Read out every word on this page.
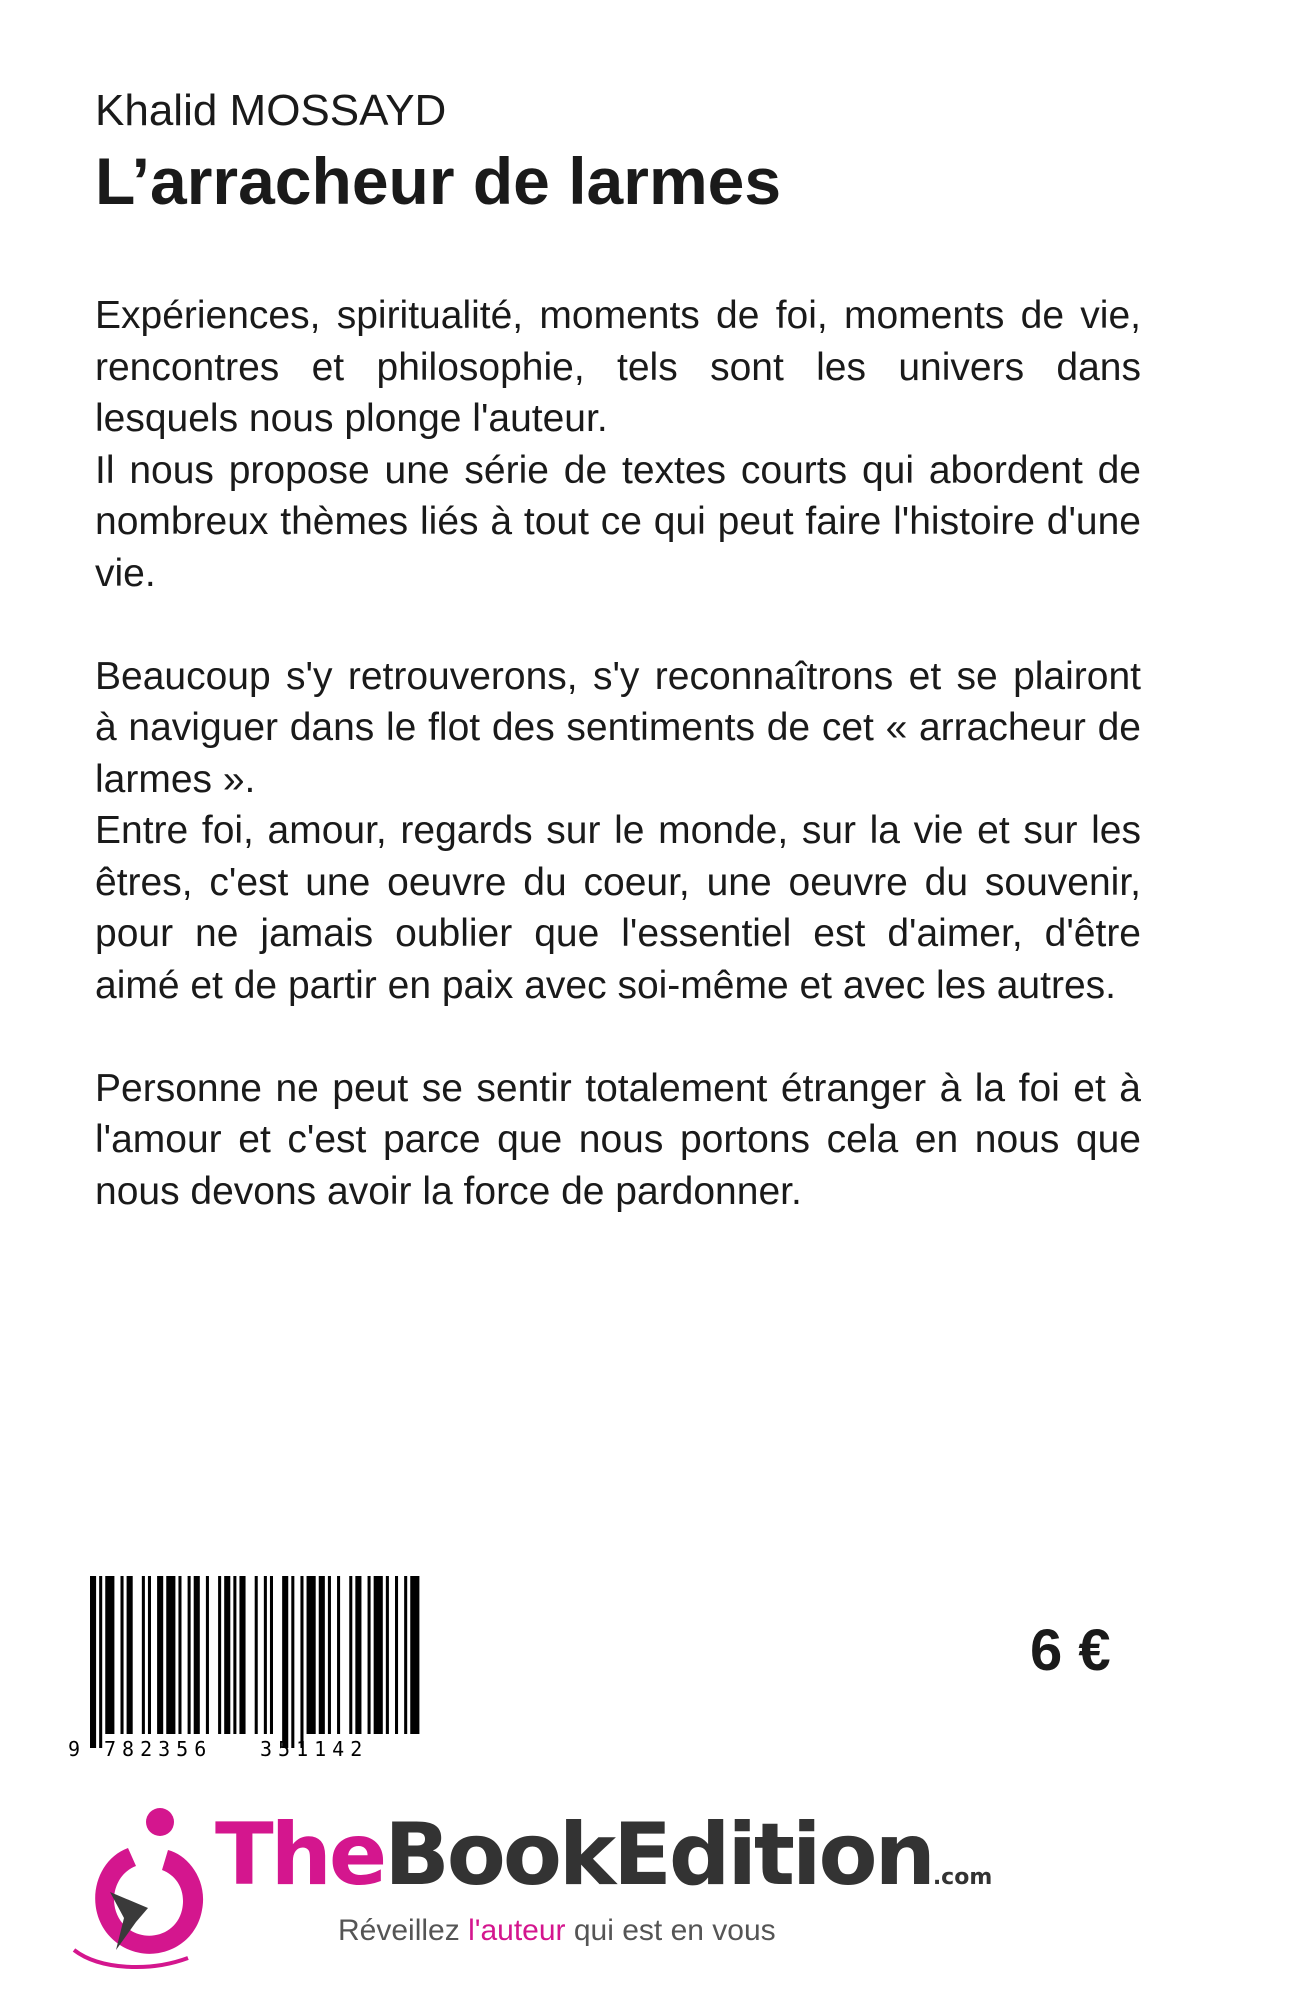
Khalid MOSSAYD
L’arracheur de larmes

Expériences, spiritualité, moments de foi, moments de vie, rencontres et philosophie, tels sont les univers dans lesquels nous plonge l'auteur.

Il nous propose une série de textes courts qui abordent de nombreux thèmes liés à tout ce qui peut faire l'histoire d'une vie.

Beaucoup s'y retrouverons, s'y reconnaîtrons et se plairont à naviguer dans le flot des sentiments de cet « arracheur de larmes ».

Entre foi, amour, regards sur le monde, sur la vie et sur les êtres, c'est une oeuvre du coeur, une oeuvre du souvenir, pour ne jamais oublier que l'essentiel est d'aimer, d'être aimé et de partir en paix avec soi-même et avec les autres.

Personne ne peut se sentir totalement étranger à la foi et à l'amour et c'est parce que nous portons cela en nous que nous devons avoir la force de pardonner.

9 782356 351142
6 €
TheBookEdition.com
Réveillez l'auteur qui est en vous
